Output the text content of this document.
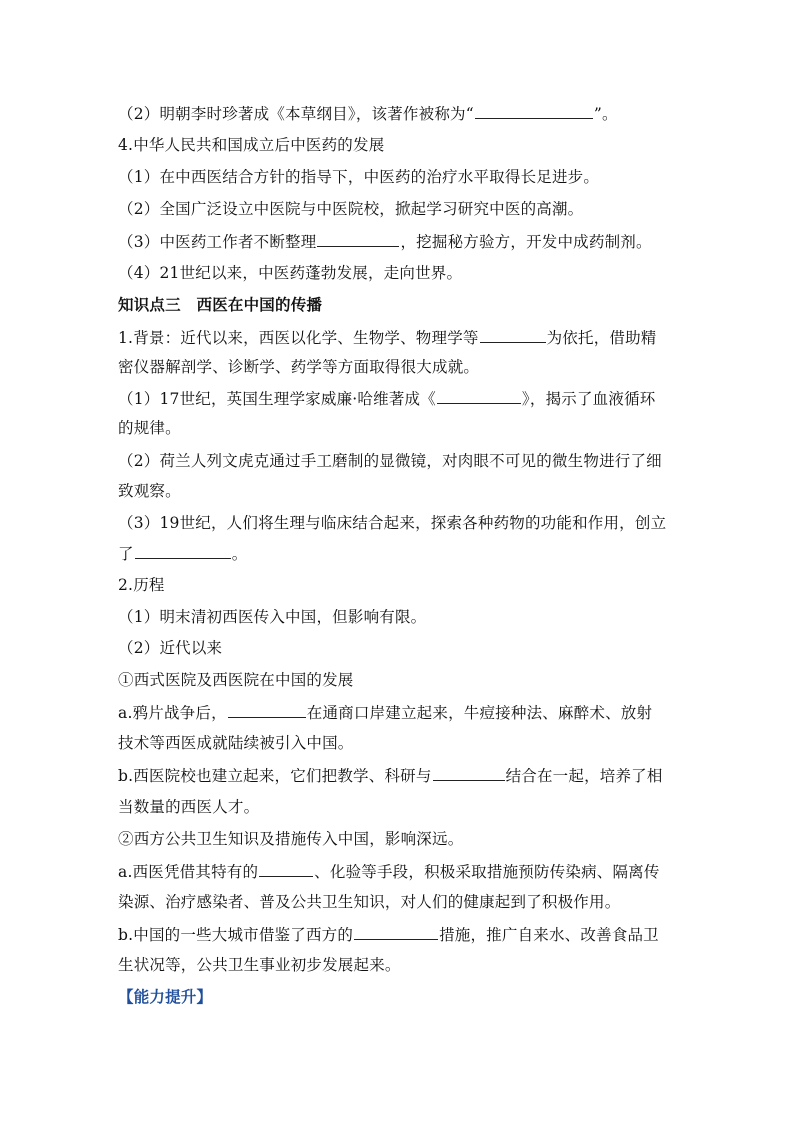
（2）明朝李时珍著成《本草纲目》，该著作被称为“	”。
4.中华人民共和国成立后中医药的发展
（1）在中西医结合方针的指导下，中医药的治疗水平取得长足进步。
（2）全国广泛设立中医院与中医院校，掀起学习研究中医的高潮。
（3）中医药工作者不断整理	，挖掘秘方验方，开发中成药制剂。
（4）21世纪以来，中医药蓬勃发展，走向世界。
知识点三　西医在中国的传播
1.背景：近代以来，西医以化学、生物学、物理学等	为依托，借助精
密仪器解剖学、诊断学、药学等方面取得很大成就。
（1）17世纪，英国生理学家威廉·哈维著成《	》，揭示了血液循环
的规律。
（2）荷兰人列文虎克通过手工磨制的显微镜，对肉眼不可见的微生物进行了细
致观察。
（3）19世纪，人们将生理与临床结合起来，探索各种药物的功能和作用，创立
了	。
2.历程
（1）明末清初西医传入中国，但影响有限。
（2）近代以来
①西式医院及西医院在中国的发展
a.鸦片战争后，	在通商口岸建立起来，牛痘接种法、麻醉术、放射
技术等西医成就陆续被引入中国。
b.西医院校也建立起来，它们把教学、科研与	结合在一起，培养了相
当数量的西医人才。
②西方公共卫生知识及措施传入中国，影响深远。
a.西医凭借其特有的	、化验等手段，积极采取措施预防传染病、隔离传
染源、治疗感染者、普及公共卫生知识，对人们的健康起到了积极作用。
b.中国的一些大城市借鉴了西方的	措施，推广自来水、改善食品卫
生状况等，公共卫生事业初步发展起来。
【能力提升】
